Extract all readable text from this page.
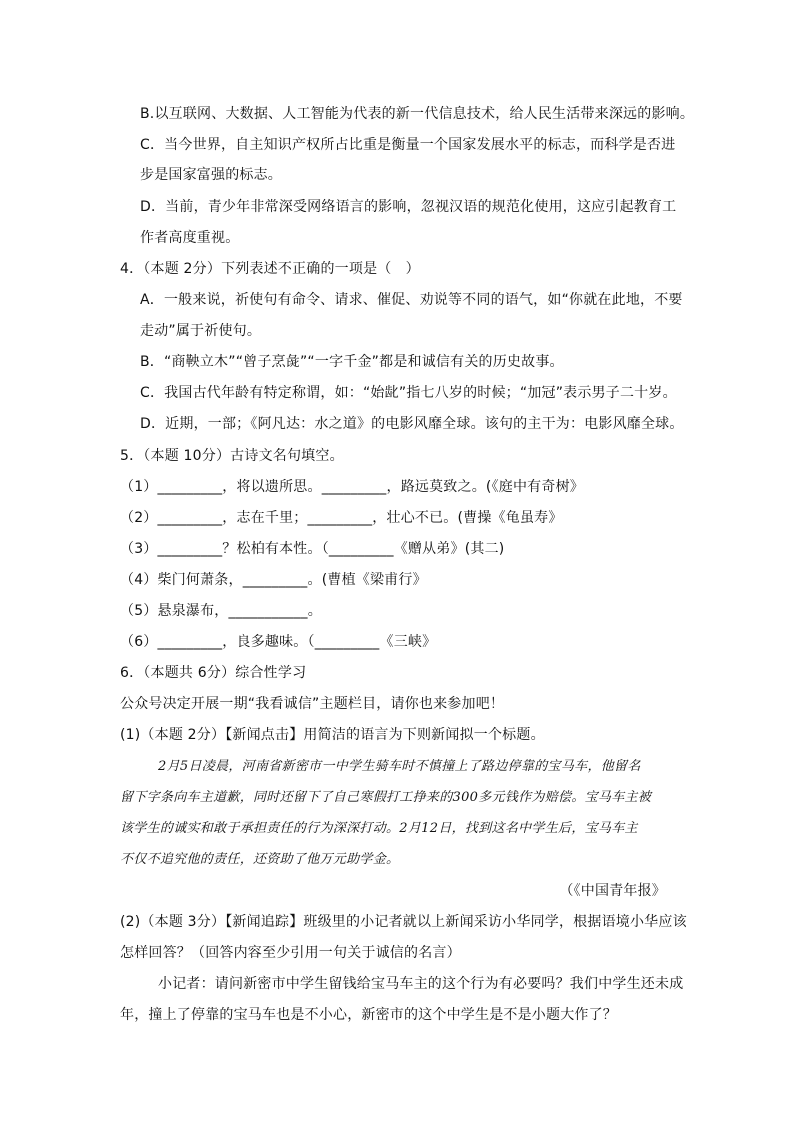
B.以互联网、大数据、人工智能为代表的新一代信息技术，给人民生活带来深远的影响。
C．当今世界，自主知识产权所占比重是衡量一个国家发展水平的标志，而科学是否进
步是国家富强的标志。
D．当前，青少年非常深受网络语言的影响，忽视汉语的规范化使用，这应引起教育工
作者高度重视。
4．（本题 2分）下列表述不正确的一项是（　）
A．一般来说，祈使句有命令、请求、催促、劝说等不同的语气，如“你就在此地，不要
走动”属于祈使句。
B．“商鞅立木”“曾子烹彘”“一字千金”都是和诚信有关的历史故事。
C．我国古代年龄有特定称谓，如：“始龀”指七八岁的时候；“加冠”表示男子二十岁。
D．近期，一部；《阿凡达：水之道》的电影风靡全球。该句的主干为：电影风靡全球。
5．（本题 10分）古诗文名句填空。
（1）_________，将以遗所思。_________，路远莫致之。(《庭中有奇树》
（2）_________，志在千里；_________，壮心不已。(曹操《龟虽寿》
（3）_________？松柏有本性。（_________《赠从弟》(其二)
（4）柴门何萧条，_________。(曹植《梁甫行》
（5）悬泉瀑布，___________。
（6）_________，良多趣味。（_________《三峡》
6．（本题共 6分）综合性学习
公众号决定开展一期“我看诚信”主题栏目，请你也来参加吧！
(1)（本题 2分）【新闻点击】用简洁的语言为下则新闻拟一个标题。
2月5日凌晨，河南省新密市一中学生骑车时不慎撞上了路边停靠的宝马车，他留名
留下字条向车主道歉，同时还留下了自己寒假打工挣来的300多元钱作为赔偿。宝马车主被
该学生的诚实和敢于承担责任的行为深深打动。2月12日，找到这名中学生后，宝马车主
不仅不追究他的责任，还资助了他万元助学金。
（《中国青年报》
(2)（本题 3分）【新闻追踪】班级里的小记者就以上新闻采访小华同学，根据语境小华应该
怎样回答？（回答内容至少引用一句关于诚信的名言）
小记者：请问新密市中学生留钱给宝马车主的这个行为有必要吗？我们中学生还未成
年，撞上了停靠的宝马车也是不小心，新密市的这个中学生是不是小题大作了？
